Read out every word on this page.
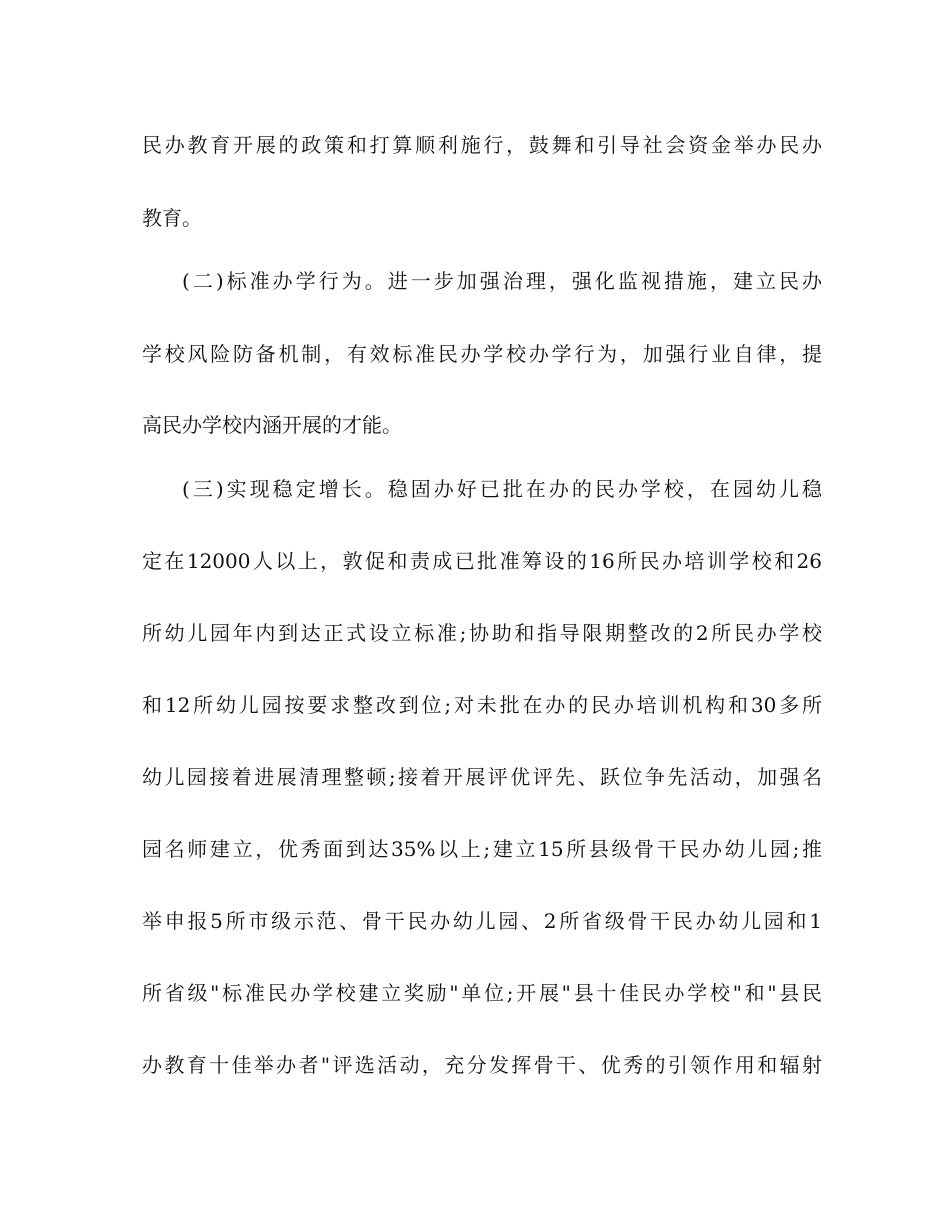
民办教育开展的政策和打算顺利施行，鼓舞和引导社会资金举办民办
教育。
(二)标准办学行为。进一步加强治理，强化监视措施，建立民办
学校风险防备机制，有效标准民办学校办学行为，加强行业自律，提
高民办学校内涵开展的才能。
(三)实现稳定增长。稳固办好已批在办的民办学校，在园幼儿稳
定在12000人以上，敦促和责成已批准筹设的16所民办培训学校和26
所幼儿园年内到达正式设立标准;协助和指导限期整改的2所民办学校
和12所幼儿园按要求整改到位;对未批在办的民办培训机构和30多所
幼儿园接着进展清理整顿;接着开展评优评先、跃位争先活动，加强名
园名师建立，优秀面到达35%以上;建立15所县级骨干民办幼儿园;推
举申报5所市级示范、骨干民办幼儿园、2所省级骨干民办幼儿园和1
所省级"标准民办学校建立奖励"单位;开展"县十佳民办学校"和"县民
办教育十佳举办者"评选活动，充分发挥骨干、优秀的引领作用和辐射
